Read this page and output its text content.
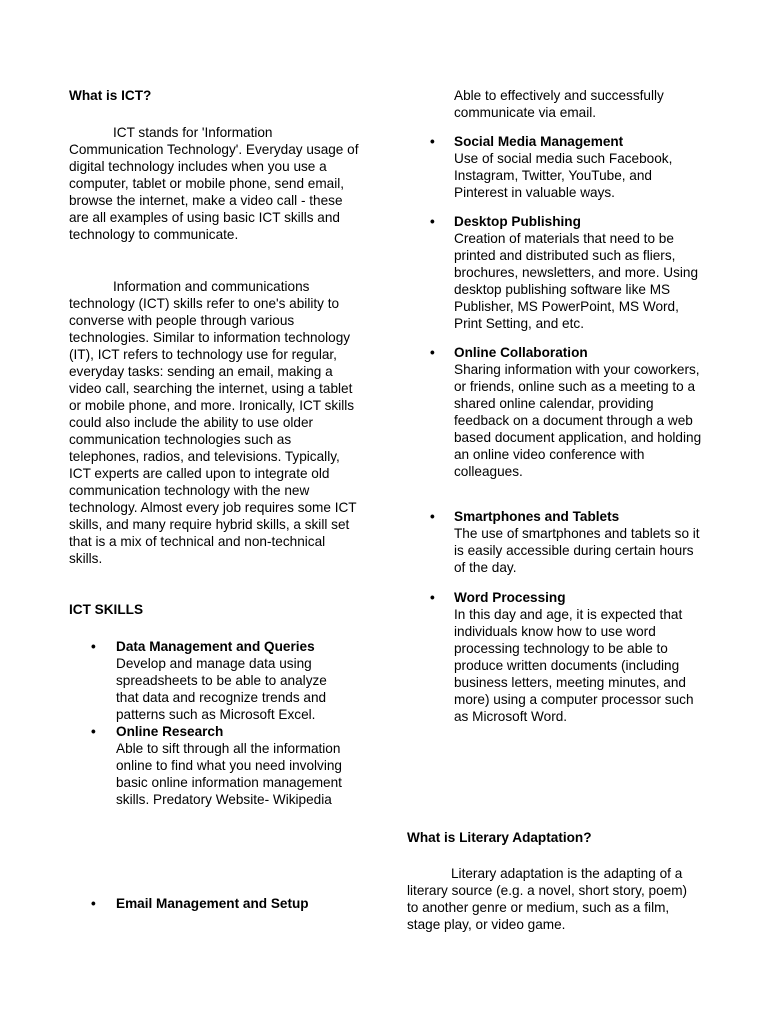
What is ICT?

ICT stands for 'Information Communication Technology'. Everyday usage of digital technology includes when you use a computer, tablet or mobile phone, send email, browse the internet, make a video call - these are all examples of using basic ICT skills and technology to communicate.

Information and communications technology (ICT) skills refer to one's ability to converse with people through various technologies. Similar to information technology (IT), ICT refers to technology use for regular, everyday tasks: sending an email, making a video call, searching the internet, using a tablet or mobile phone, and more. Ironically, ICT skills could also include the ability to use older communication technologies such as telephones, radios, and televisions. Typically, ICT experts are called upon to integrate old communication technology with the new technology. Almost every job requires some ICT skills, and many require hybrid skills, a skill set that is a mix of technical and non-technical skills.

ICT SKILLS
• Data Management and Queries
Develop and manage data using spreadsheets to be able to analyze that data and recognize trends and patterns such as Microsoft Excel.
• Online Research
Able to sift through all the information online to find what you need involving basic online information management skills. Predatory Website- Wikipedia
• Email Management and Setup
Able to effectively and successfully communicate via email.
• Social Media Management
Use of social media such Facebook, Instagram, Twitter, YouTube, and Pinterest in valuable ways.
• Desktop Publishing
Creation of materials that need to be printed and distributed such as fliers, brochures, newsletters, and more. Using desktop publishing software like MS Publisher, MS PowerPoint, MS Word, Print Setting, and etc.
• Online Collaboration
Sharing information with your coworkers, or friends, online such as a meeting to a shared online calendar, providing feedback on a document through a web based document application, and holding an online video conference with colleagues.
• Smartphones and Tablets
The use of smartphones and tablets so it is easily accessible during certain hours of the day.
• Word Processing
In this day and age, it is expected that individuals know how to use word processing technology to be able to produce written documents (including business letters, meeting minutes, and more) using a computer processor such as Microsoft Word.
What is Literary Adaptation?

Literary adaptation is the adapting of a literary source (e.g. a novel, short story, poem) to another genre or medium, such as a film, stage play, or video game.
